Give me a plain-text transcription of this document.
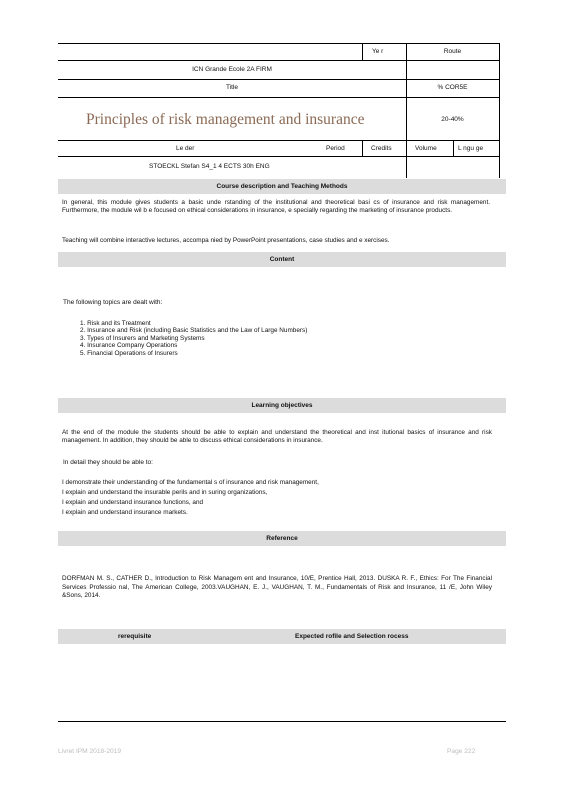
Ye r	Route
ICN Grande Ecole 2A FIRM
Title	% COR5E
Principles of risk management and insurance	20-40%
Le der	Period	Credits	Volume	L ngu ge
STOECKL Stefan S4_1 4 ECTS 30h ENG
Course description and Teaching Methods
In general, this module gives students a basic unde rstanding of the institutional and theoretical basi cs of insurance and risk management. Furthermore, the module wil b e focused on ethical considerations in insurance, e specially regarding the marketing of insurance products.
Teaching will combine interactive lectures, accompa nied by PowerPoint presentations, case studies and e xercises.
Content
The following topics are dealt with:
1. Risk and its Treatment
2. Insurance and Risk (including Basic Statistics and the Law of Large Numbers)
3. Types of Insurers and Marketing Systems
4. Insurance Company Operations
5. Financial Operations of Insurers
Learning objectives
At the end of the module the students should be able to explain and understand the theoretical and inst itutional basics of insurance and risk management. In addition, they should be able to discuss ethical considerations in insurance.
In detail they should be able to:
I demonstrate their understanding of the fundamental s of insurance and risk management,
I explain and understand the insurable perils and in suring organizations,
I explain and understand insurance functions, and
I explain and understand insurance markets.
Reference
DORFMAN M. S., CATHER D., Introduction to Risk Managem ent and Insurance, 10/E, Prentice Hall, 2013. DUSKA R. F., Ethics: For The Financial Services Professio nal, The American College, 2003.VAUGHAN, E. J., VAUGHAN, T. M., Fundamentals of Risk and Insurance, 11 /E, John Wiley &Sons, 2014.
rerequisite	Expected rofile and Selection rocess
Livret IPM 2018-2019	Page 222
